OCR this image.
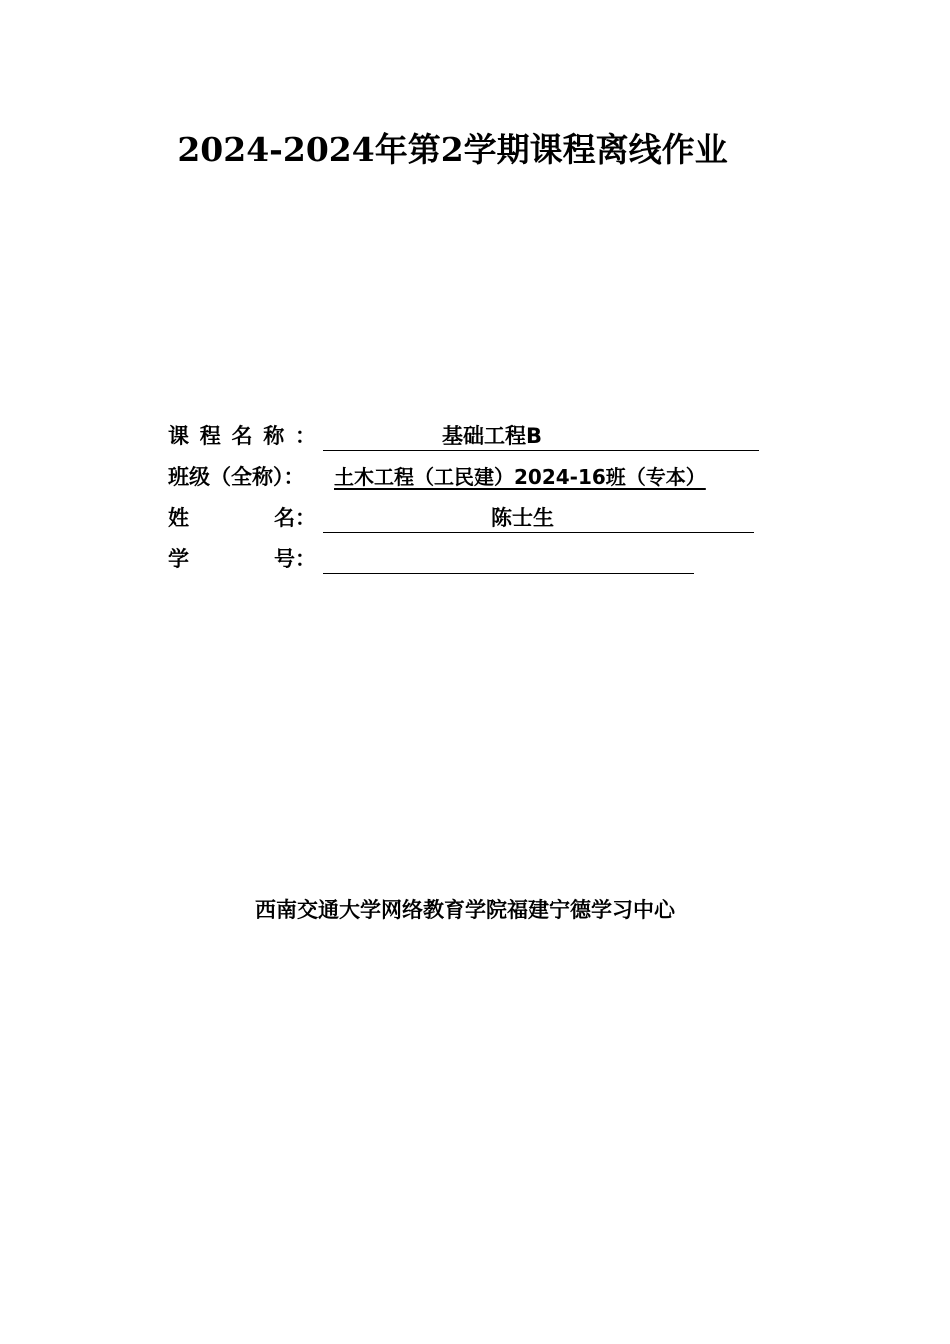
2024-2024年第2学期课程离线作业
课 程 名 称 ：	基础工程B
班级（全称）： 土木工程（工民建）2024-16班（专本）
姓	名 ：	陈士生
学	号 ：
西南交通大学网络教育学院福建宁德学习中心
